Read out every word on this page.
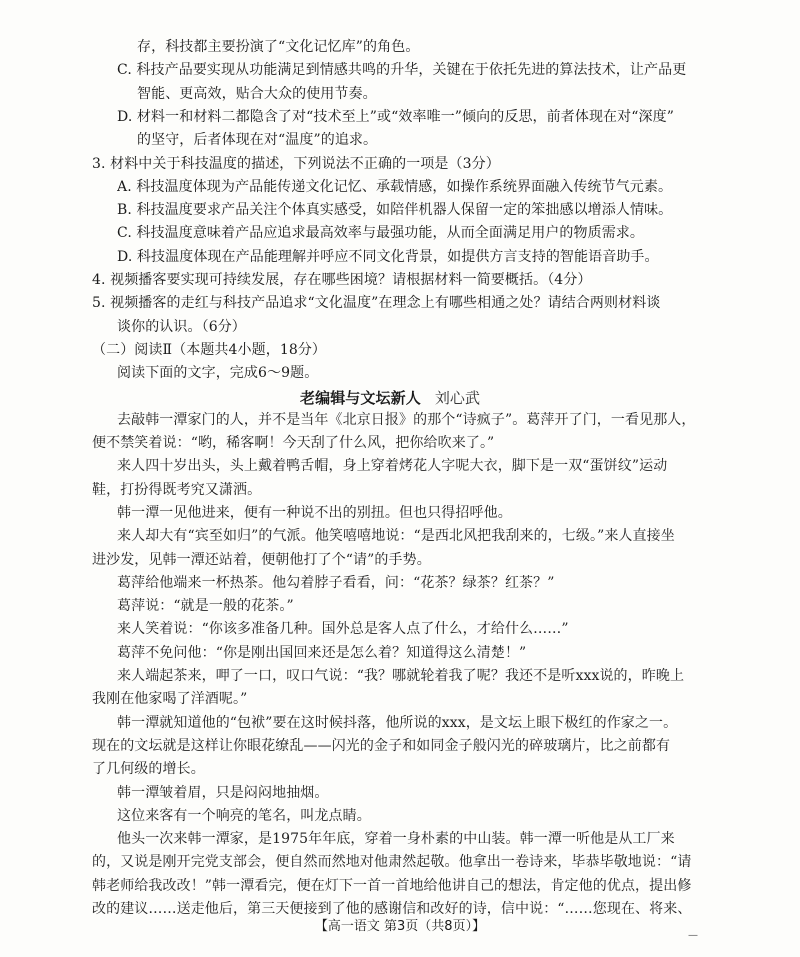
存，科技都主要扮演了“文化记忆库”的角色。
C. 科技产品要实现从功能满足到情感共鸣的升华，关键在于依托先进的算法技术，让产品更
智能、更高效，贴合大众的使用节奏。
D. 材料一和材料二都隐含了对“技术至上”或“效率唯一”倾向的反思，前者体现在对“深度”
的坚守，后者体现在对“温度”的追求。
3. 材料中关于科技温度的描述，下列说法不正确的一项是（3分）
A. 科技温度体现为产品能传递文化记忆、承载情感，如操作系统界面融入传统节气元素。
B. 科技温度要求产品关注个体真实感受，如陪伴机器人保留一定的笨拙感以增添人情味。
C. 科技温度意味着产品应追求最高效率与最强功能，从而全面满足用户的物质需求。
D. 科技温度体现在产品能理解并呼应不同文化背景，如提供方言支持的智能语音助手。
4. 视频播客要实现可持续发展，存在哪些困境？请根据材料一简要概括。（4分）
5. 视频播客的走红与科技产品追求“文化温度”在理念上有哪些相通之处？请结合两则材料谈
谈你的认识。（6分）
（二）阅读Ⅱ（本题共4小题，18分）
阅读下面的文字，完成6～9题。
去敲韩一潭家门的人，并不是当年《北京日报》的那个“诗疯子”。葛萍开了门，一看见那人，
便不禁笑着说：“哟，稀客啊！今天刮了什么风，把你给吹来了。”
来人四十岁出头，头上戴着鸭舌帽，身上穿着烤花人字呢大衣，脚下是一双“蛋饼纹”运动
鞋，打扮得既考究又潇洒。
韩一潭一见他进来，便有一种说不出的别扭。但也只得招呼他。
来人却大有“宾至如归”的气派。他笑嘻嘻地说：“是西北风把我刮来的，七级。”来人直接坐
进沙发，见韩一潭还站着，便朝他打了个“请”的手势。
葛萍给他端来一杯热茶。他勾着脖子看看，问：“花茶？绿茶？红茶？”
葛萍说：“就是一般的花茶。”
来人笑着说：“你该多准备几种。国外总是客人点了什么，才给什么……”
葛萍不免问他：“你是刚出国回来还是怎么着？知道得这么清楚！”
来人端起茶来，呷了一口，叹口气说：“我？哪就轮着我了呢？我还不是听xxx说的，昨晚上
我刚在他家喝了洋酒呢。”
韩一潭就知道他的“包袱”要在这时候抖落，他所说的xxx，是文坛上眼下极红的作家之一。
现在的文坛就是这样让你眼花缭乱——闪光的金子和如同金子般闪光的碎玻璃片，比之前都有
了几何级的增长。
老编辑与文坛新人 刘心武
【高一语文 第3页（共8页）】
—
韩一潭皱着眉，只是闷闷地抽烟。
这位来客有一个响亮的笔名，叫龙点睛。
他头一次来韩一潭家，是1975年年底，穿着一身朴素的中山装。韩一潭一听他是从工厂来
的，又说是刚开完党支部会，便自然而然地对他肃然起敬。他拿出一卷诗来，毕恭毕敬地说：“请
韩老师给我改改！”韩一潭看完，便在灯下一首一首地给他讲自己的想法，肯定他的优点，提出修
改的建议……送走他后，第三天便接到了他的感谢信和改好的诗，信中说：“……您现在、将来、
